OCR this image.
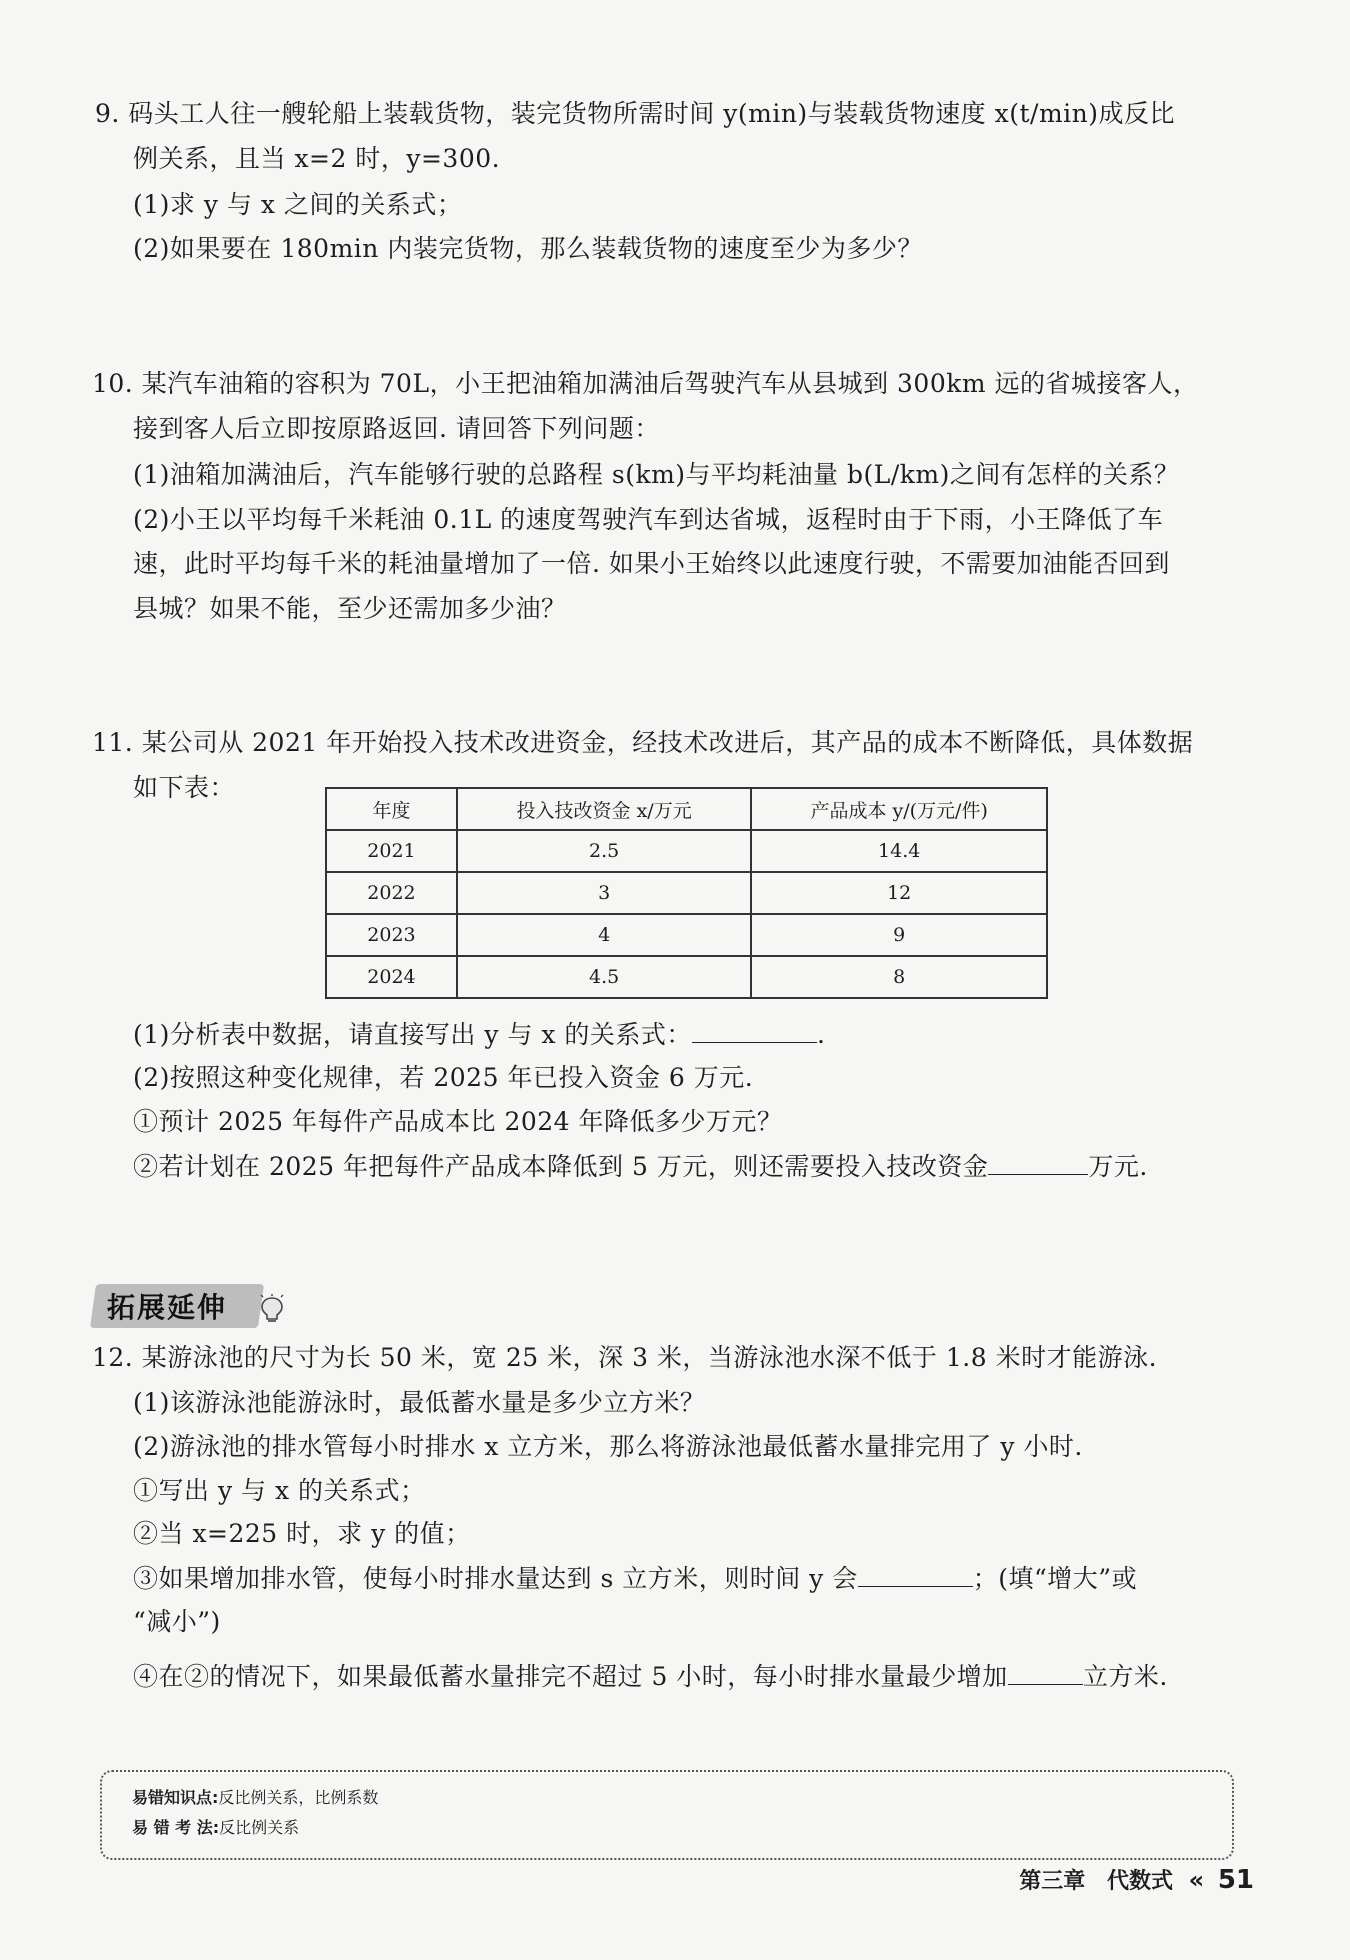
9. 码头工人往一艘轮船上装载货物，装完货物所需时间 y(min)与装载货物速度 x(t/min)成反比
例关系，且当 x=2 时，y=300.
(1)求 y 与 x 之间的关系式；
(2)如果要在 180min 内装完货物，那么装载货物的速度至少为多少？
10. 某汽车油箱的容积为 70L，小王把油箱加满油后驾驶汽车从县城到 300km 远的省城接客人，
接到客人后立即按原路返回. 请回答下列问题：
(1)油箱加满油后，汽车能够行驶的总路程 s(km)与平均耗油量 b(L/km)之间有怎样的关系？
(2)小王以平均每千米耗油 0.1L 的速度驾驶汽车到达省城，返程时由于下雨，小王降低了车
速，此时平均每千米的耗油量增加了一倍. 如果小王始终以此速度行驶，不需要加油能否回到
县城？如果不能，至少还需加多少油？
11. 某公司从 2021 年开始投入技术改进资金，经技术改进后，其产品的成本不断降低，具体数据
如下表：
年度	投入技改资金 x/万元	产品成本 y/(万元/件)
2021	2.5	14.4
2022	3	12
2023	4	9
2024	4.5	8
(1)分析表中数据，请直接写出 y 与 x 的关系式：	.
(2)按照这种变化规律，若 2025 年已投入资金 6 万元.
①预计 2025 年每件产品成本比 2024 年降低多少万元？
②若计划在 2025 年把每件产品成本降低到 5 万元，则还需要投入技改资金	万元.
拓展延伸
12. 某游泳池的尺寸为长 50 米，宽 25 米，深 3 米，当游泳池水深不低于 1.8 米时才能游泳.
(1)该游泳池能游泳时，最低蓄水量是多少立方米？
(2)游泳池的排水管每小时排水 x 立方米，那么将游泳池最低蓄水量排完用了 y 小时.
①写出 y 与 x 的关系式；
②当 x=225 时，求 y 的值；
③如果增加排水管，使每小时排水量达到 s 立方米，则时间 y 会	；(填“增大”或
“减小”)
④在②的情况下，如果最低蓄水量排完不超过 5 小时，每小时排水量最少增加	立方米.
易错知识点:反比例关系，比例系数
易 错 考 法:反比例关系
第三章 代数式 « 51
